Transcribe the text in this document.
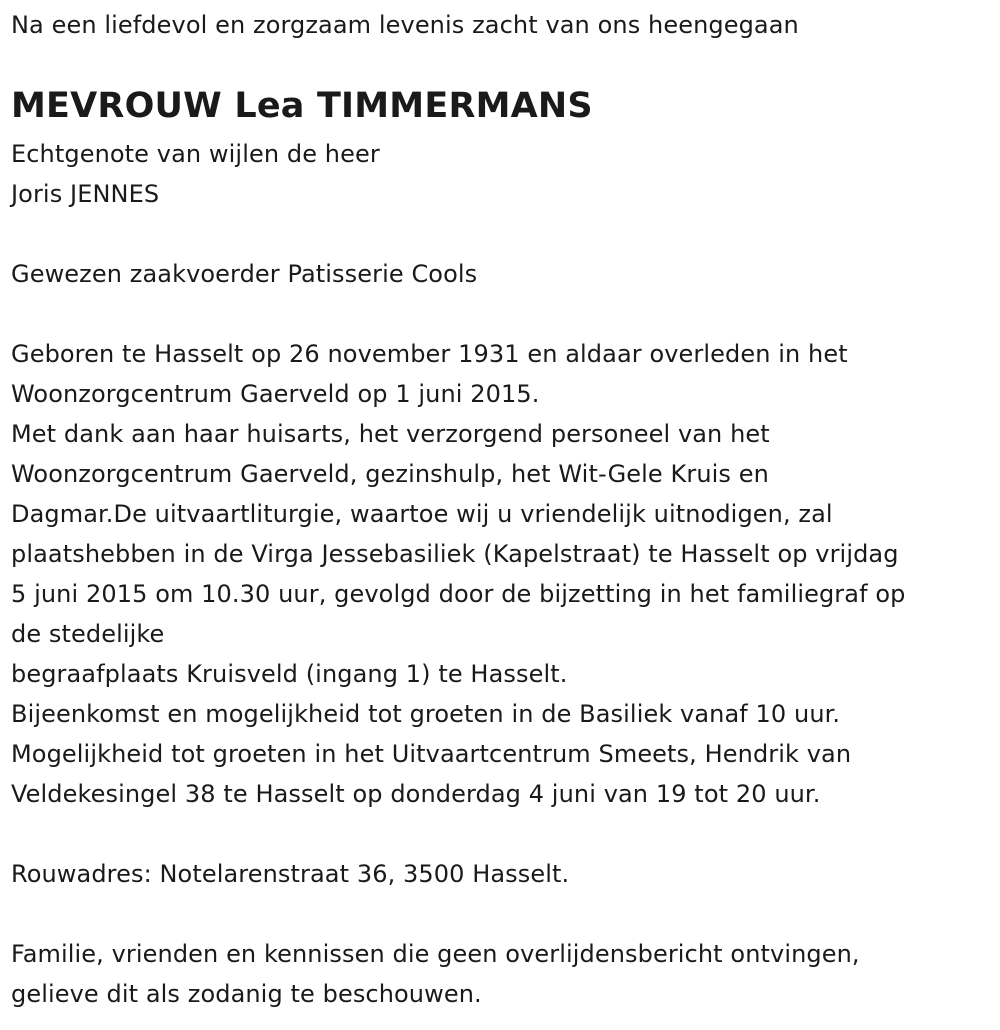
Na een liefdevol en zorgzaam levenis zacht van ons heengegaan
MEVROUW Lea TIMMERMANS
Echtgenote van wijlen de heer
Joris JENNES
Gewezen zaakvoerder Patisserie Cools
Geboren te Hasselt op 26 november 1931 en aldaar overleden in het
Woonzorgcentrum Gaerveld op 1 juni 2015.
Met dank aan haar huisarts, het verzorgend personeel van het
Woonzorgcentrum Gaerveld, gezinshulp, het Wit-Gele Kruis en
Dagmar.De uitvaartliturgie, waartoe wij u vriendelijk uitnodigen, zal
plaatshebben in de Virga Jessebasiliek (Kapelstraat) te Hasselt op vrijdag
5 juni 2015 om 10.30 uur, gevolgd door de bijzetting in het familiegraf op
de stedelijke
begraafplaats Kruisveld (ingang 1) te Hasselt.
Bijeenkomst en mogelijkheid tot groeten in de Basiliek vanaf 10 uur.
Mogelijkheid tot groeten in het Uitvaartcentrum Smeets, Hendrik van
Veldekesingel 38 te Hasselt op donderdag 4 juni van 19 tot 20 uur.
Rouwadres: Notelarenstraat 36, 3500 Hasselt.
Familie, vrienden en kennissen die geen overlijdensbericht ontvingen,
gelieve dit als zodanig te beschouwen.
